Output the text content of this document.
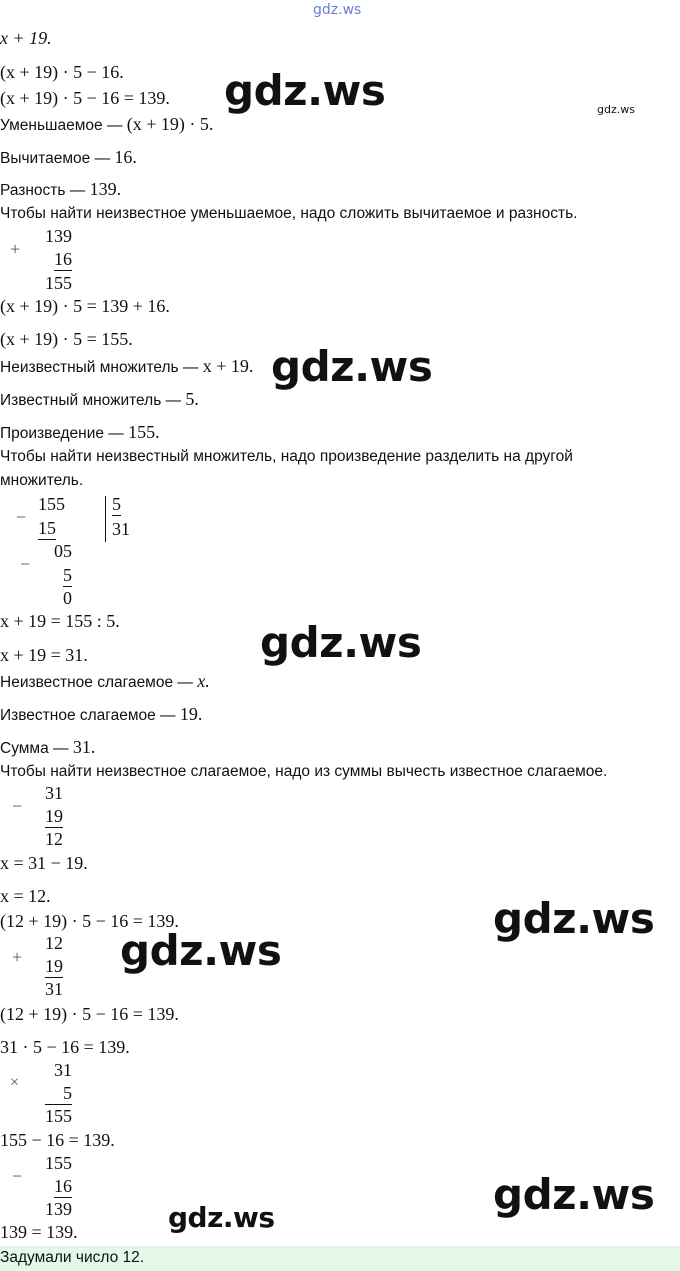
gdz.ws
gdz.ws
gdz.ws
gdz.ws
gdz.ws
gdz.ws
gdz.ws
gdz.ws
gdz.ws
x + 19.
(x + 19) · 5 − 16.
(x + 19) · 5 − 16 = 139.
Уменьшаемое — (x + 19) · 5.
Вычитаемое — 16.
Разность — 139.
Чтобы найти неизвестное уменьшаемое, надо сложить вычитаемое и разность.
+
139
16
155
(x + 19) · 5 = 139 + 16.
(x + 19) · 5 = 155.
Неизвестный множитель — x + 19.
Известный множитель — 5.
Произведение — 155.
Чтобы найти неизвестный множитель, надо произведение разделить на другой
множитель.
−
155
15
5
31
−
05
5
0
x + 19 = 155 : 5.
x + 19 = 31.
Неизвестное слагаемое — x.
Известное слагаемое — 19.
Сумма — 31.
Чтобы найти неизвестное слагаемое, надо из суммы вычесть известное слагаемое.
−
31
19
12
x = 31 − 19.
x = 12.
(12 + 19) · 5 − 16 = 139.
+
12
19
31
(12 + 19) · 5 − 16 = 139.
31 · 5 − 16 = 139.
×
31
5
155
155 − 16 = 139.
−
155
16
139
139 = 139.
Задумали число 12.
